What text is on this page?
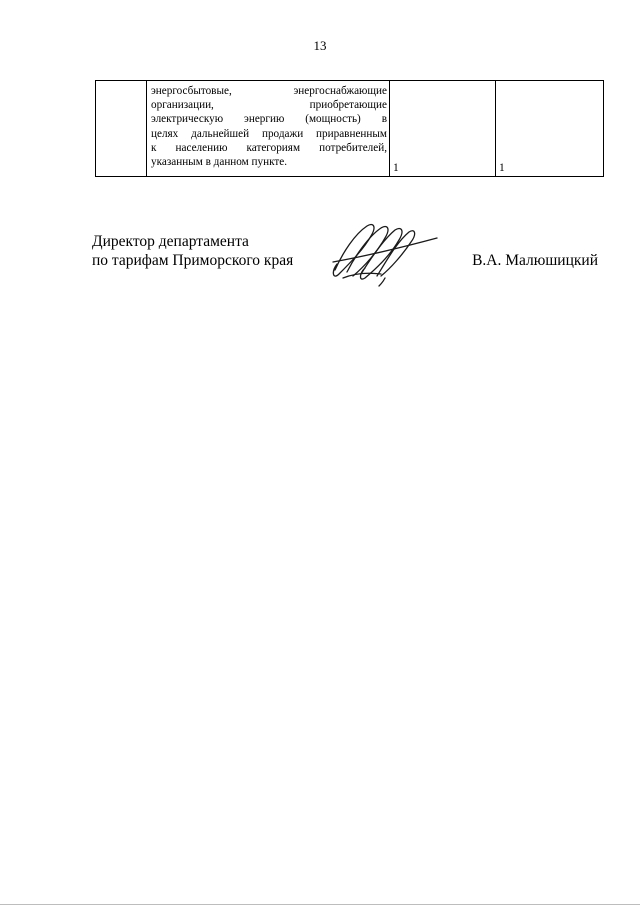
13

энергосбытовые, энергоснабжающие
организации, приобретающие
электрическую энергию (мощность) в
целях дальнейшей продажи приравненным
к населению категориям потребителей,
указанным в данном пункте.	1	1
Директор департамента
по тарифам Приморского края	В.А. Малюшицкий
